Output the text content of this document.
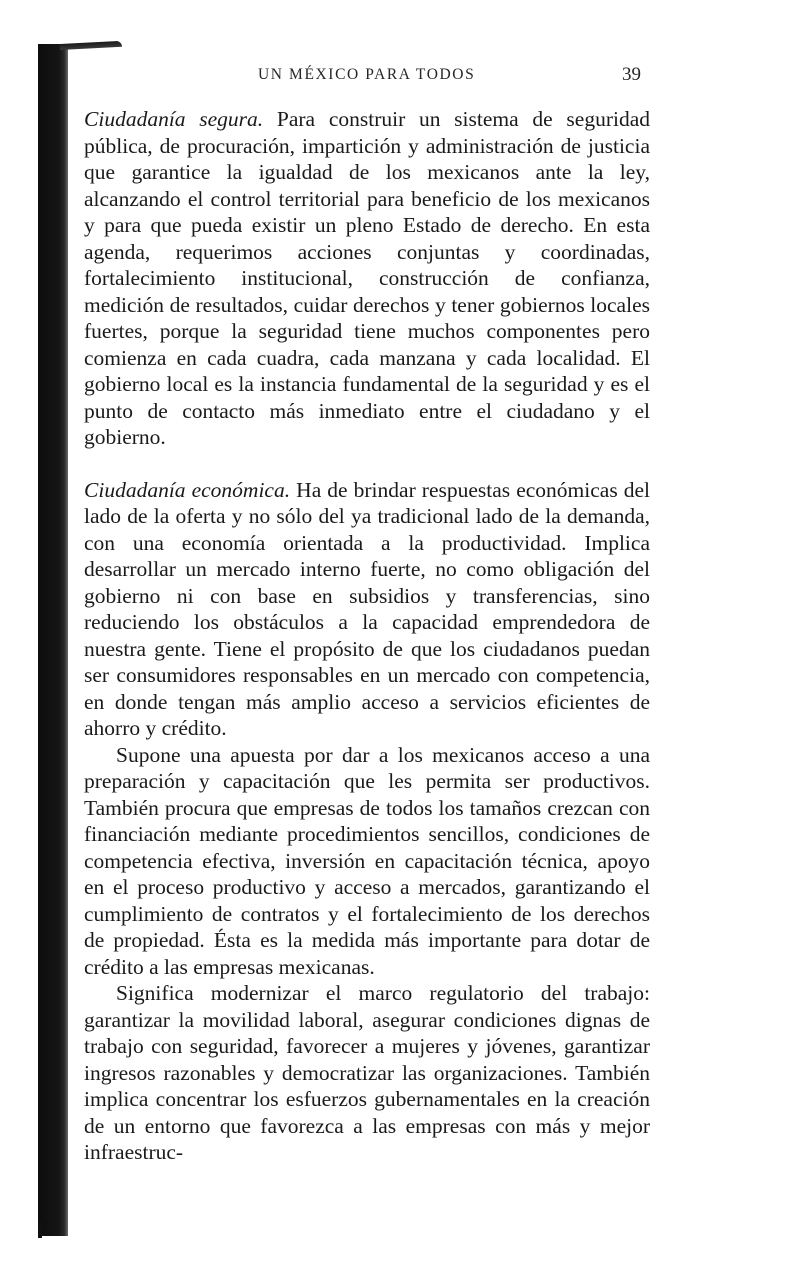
UN MÉXICO PARA TODOS	39

Ciudadanía segura. Para construir un sistema de seguridad pública, de procuración, impartición y administración de justicia que garantice la igualdad de los mexicanos ante la ley, alcanzando el control territorial para beneficio de los mexicanos y para que pueda existir un pleno Estado de derecho. En esta agenda, requerimos acciones conjuntas y coordinadas, fortalecimiento institucional, construcción de confianza, medición de resultados, cuidar derechos y tener gobiernos locales fuertes, porque la seguridad tiene muchos componentes pero comienza en cada cuadra, cada manzana y cada localidad. El gobierno local es la instancia fundamental de la seguridad y es el punto de contacto más inmediato entre el ciudadano y el gobierno.

Ciudadanía económica. Ha de brindar respuestas económicas del lado de la oferta y no sólo del ya tradicional lado de la demanda, con una economía orientada a la productividad. Implica desarrollar un mercado interno fuerte, no como obligación del gobierno ni con base en subsidios y transferencias, sino reduciendo los obstáculos a la capacidad emprendedora de nuestra gente. Tiene el propósito de que los ciudadanos puedan ser consumidores responsables en un mercado con competencia, en donde tengan más amplio acceso a servicios eficientes de ahorro y crédito.

Supone una apuesta por dar a los mexicanos acceso a una preparación y capacitación que les permita ser productivos. También procura que empresas de todos los tamaños crezcan con financiación mediante procedimientos sencillos, condiciones de competencia efectiva, inversión en capacitación técnica, apoyo en el proceso productivo y acceso a mercados, garantizando el cumplimiento de contratos y el fortalecimiento de los derechos de propiedad. Ésta es la medida más importante para dotar de crédito a las empresas mexicanas.

Significa modernizar el marco regulatorio del trabajo: garantizar la movilidad laboral, asegurar condiciones dignas de trabajo con seguridad, favorecer a mujeres y jóvenes, garantizar ingresos razonables y democratizar las organizaciones. También implica concentrar los esfuerzos gubernamentales en la creación de un entorno que favorezca a las empresas con más y mejor infraestruc-
